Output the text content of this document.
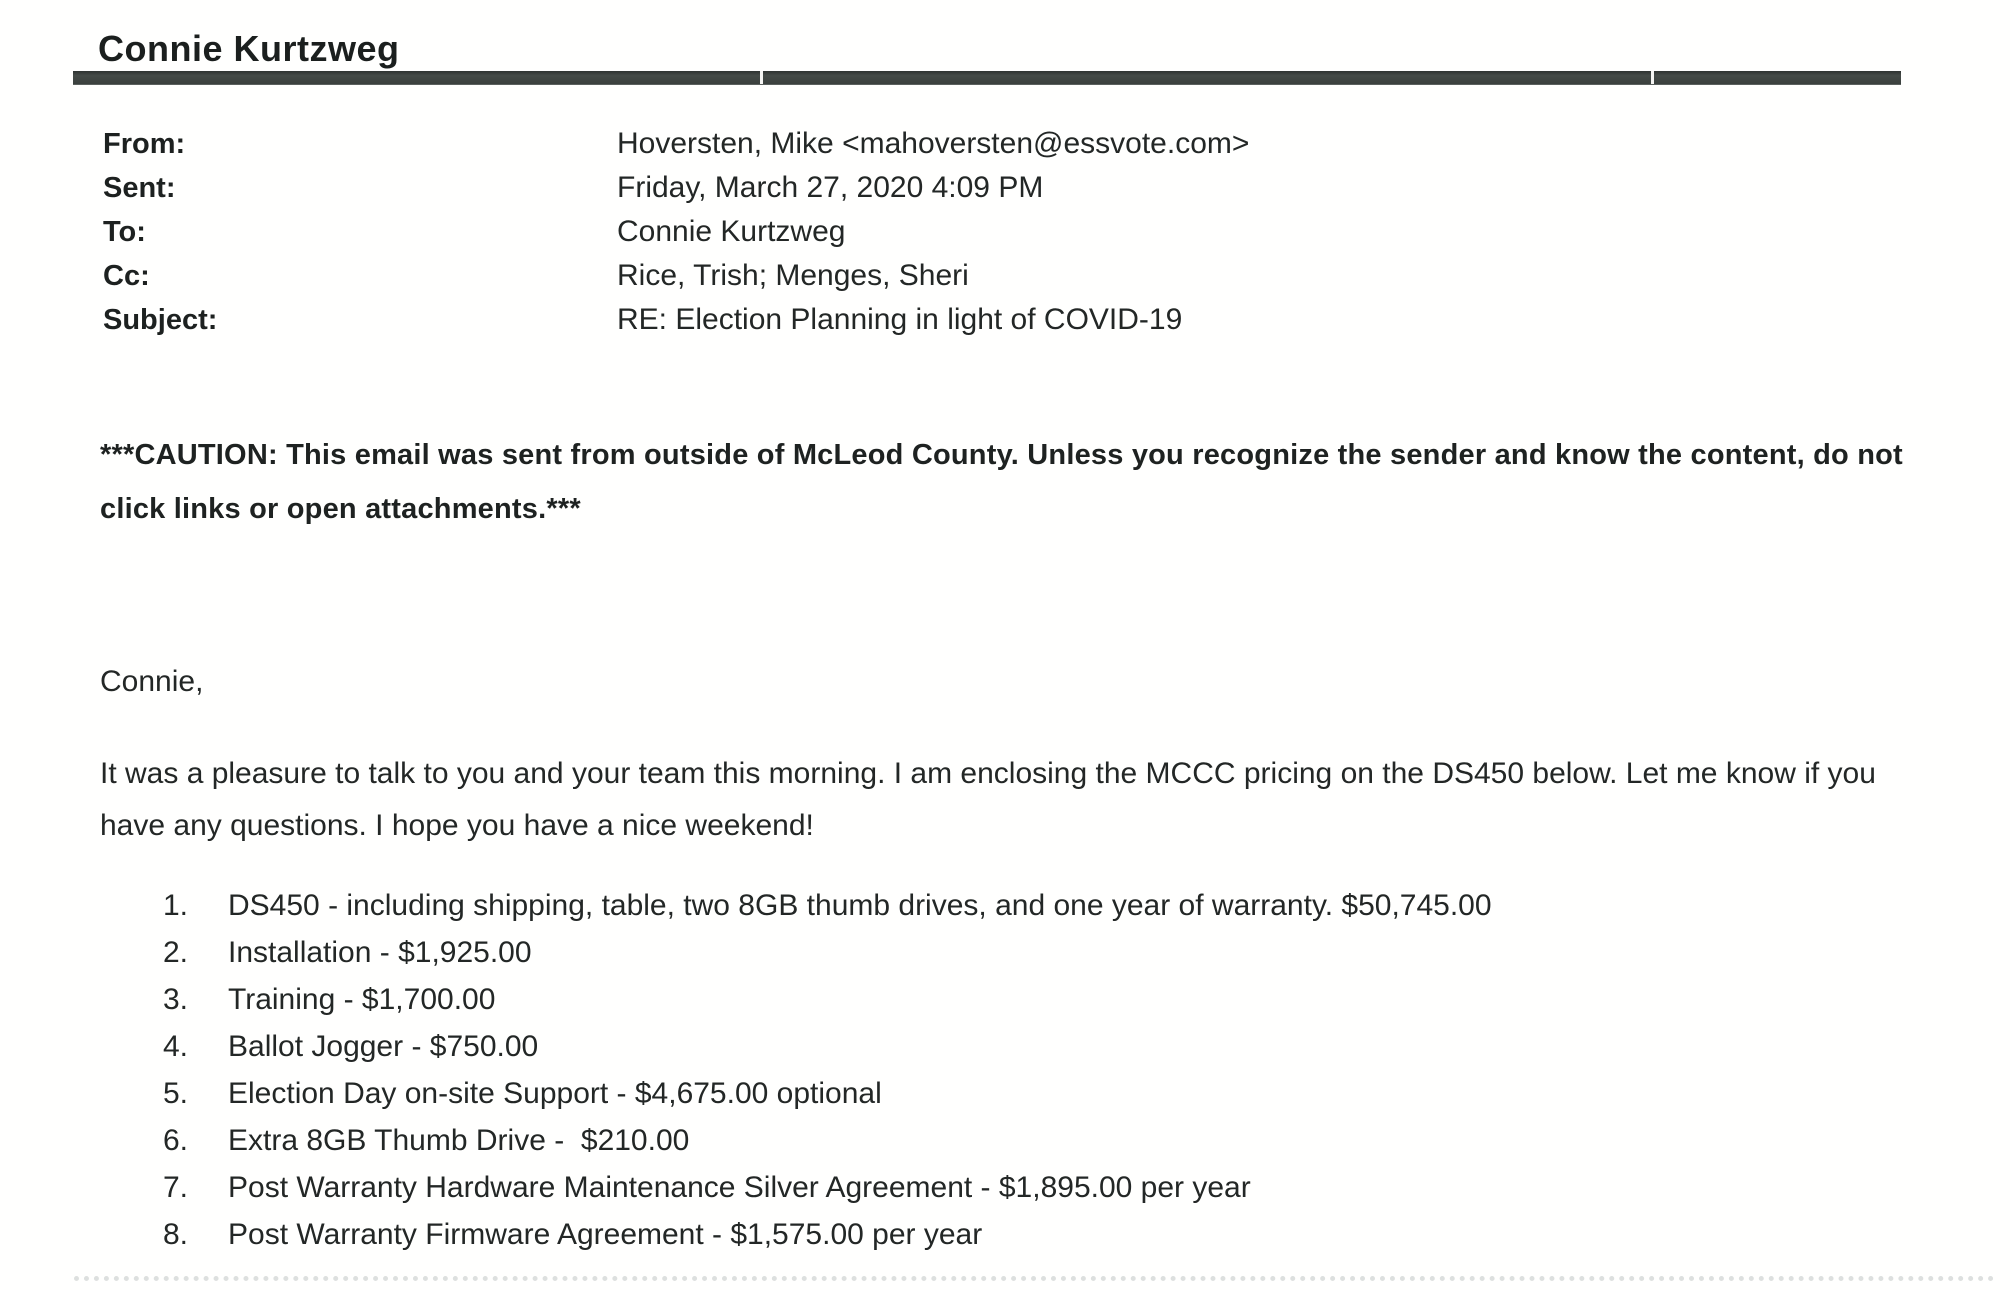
Connie Kurtzweg
From:	Hoversten, Mike <mahoversten@essvote.com>
Sent:	Friday, March 27, 2020 4:09 PM
To:	Connie Kurtzweg
Cc:	Rice, Trish; Menges, Sheri
Subject:	RE: Election Planning in light of COVID-19

***CAUTION: This email was sent from outside of McLeod County. Unless you recognize the sender and know the content, do not click links or open attachments.***

Connie,

It was a pleasure to talk to you and your team this morning. I am enclosing the MCCC pricing on the DS450 below. Let me know if you have any questions. I hope you have a nice weekend!

1.	DS450 - including shipping, table, two 8GB thumb drives, and one year of warranty. $50,745.00
2.	Installation - $1,925.00
3.	Training - $1,700.00
4.	Ballot Jogger - $750.00
5.	Election Day on-site Support - $4,675.00 optional
6.	Extra 8GB Thumb Drive -  $210.00
7.	Post Warranty Hardware Maintenance Silver Agreement - $1,895.00 per year
8.	Post Warranty Firmware Agreement - $1,575.00 per year
